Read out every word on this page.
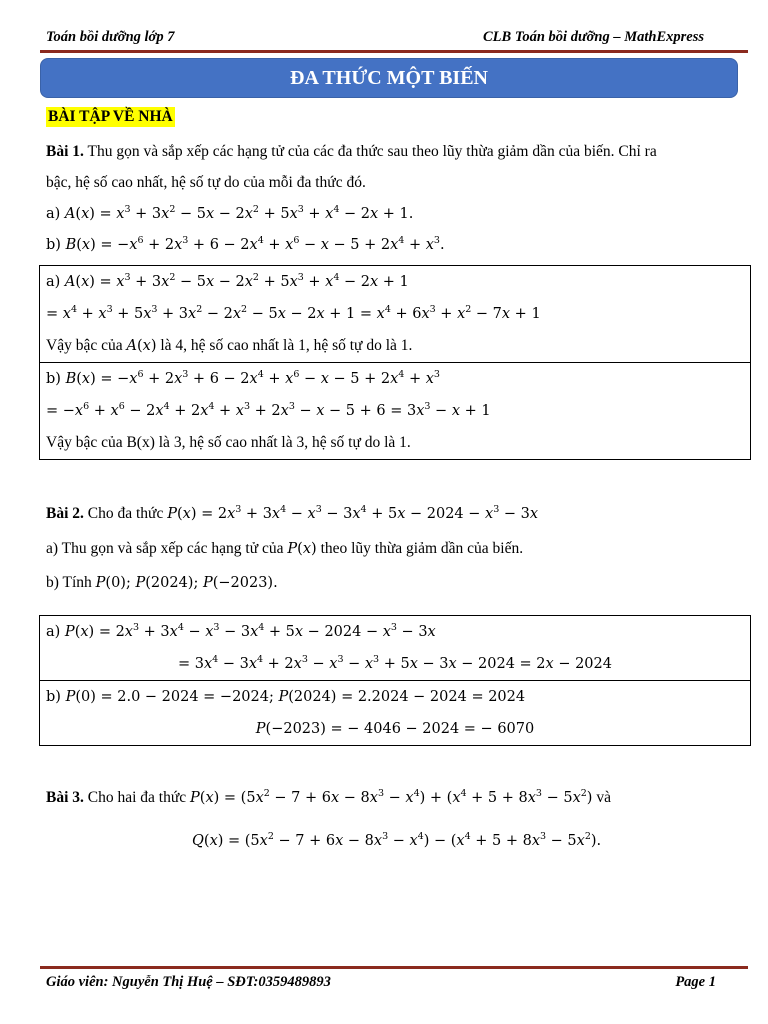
Toán bồi dưỡng lớp 7	CLB Toán bồi dưỡng – MathExpress
ĐA THỨC MỘT BIẾN
BÀI TẬP VỀ NHÀ
Bài 1. Thu gọn và sắp xếp các hạng tử của các đa thức sau theo lũy thừa giảm dần của biến. Chỉ ra
bậc, hệ số cao nhất, hệ số tự do của mỗi đa thức đó.
a) $A(x) = x^3 + 3x^2 - 5x - 2x^2 + 5x^3 + x^4 - 2x + 1$.
b) $B(x) = -x^6 + 2x^3 + 6 - 2x^4 + x^6 - x - 5 + 2x^4 + x^3$.
a) $A(x) = x^3 + 3x^2 - 5x - 2x^2 + 5x^3 + x^4 - 2x + 1$
= $x^4 + x^3 + 5x^3 + 3x^2 - 2x^2 - 5x - 2x + 1 = x^4 + 6x^3 + x^2 - 7x + 1$
Vậy bậc của A(x) là 4, hệ số cao nhất là 1, hệ số tự do là 1.
b) $B(x) = -x^6 + 2x^3 + 6 - 2x^4 + x^6 - x - 5 + 2x^4 + x^3$
= $-x^6 + x^6 - 2x^4 + 2x^4 + x^3 + 2x^3 - x - 5 + 6 = 3x^3 - x + 1$
Vậy bậc của B(x) là 3, hệ số cao nhất là 3, hệ số tự do là 1.
Bài 2. Cho đa thức $P(x) = 2x^3 + 3x^4 - x^3 - 3x^4 + 5x - 2024 - x^3 - 3x$
a) Thu gọn và sắp xếp các hạng tử của P(x) theo lũy thừa giảm dần của biến.
b) Tính P(0); P(2024); P(−2023).
a) $P(x) = 2x^3 + 3x^4 - x^3 - 3x^4 + 5x - 2024 - x^3 - 3x$
= $3x^4 - 3x^4 + 2x^3 - x^3 - x^3 + 5x - 3x - 2024 = 2x - 2024$
b) P(0) = 2.0 − 2024 = −2024; P(2024) = 2.2024 − 2024 = 2024
P(−2023) = − 4046 − 2024 = − 6070
Bài 3. Cho hai đa thức $P(x) = (5x^2 - 7 + 6x - 8x^3 - x^4) + (x^4 + 5 + 8x^3 - 5x^2)$ và
$Q(x) = (5x^2 - 7 + 6x - 8x^3 - x^4) - (x^4 + 5 + 8x^3 - 5x^2)$.
Giáo viên: Nguyễn Thị Huệ – SĐT:0359489893	Page 1
